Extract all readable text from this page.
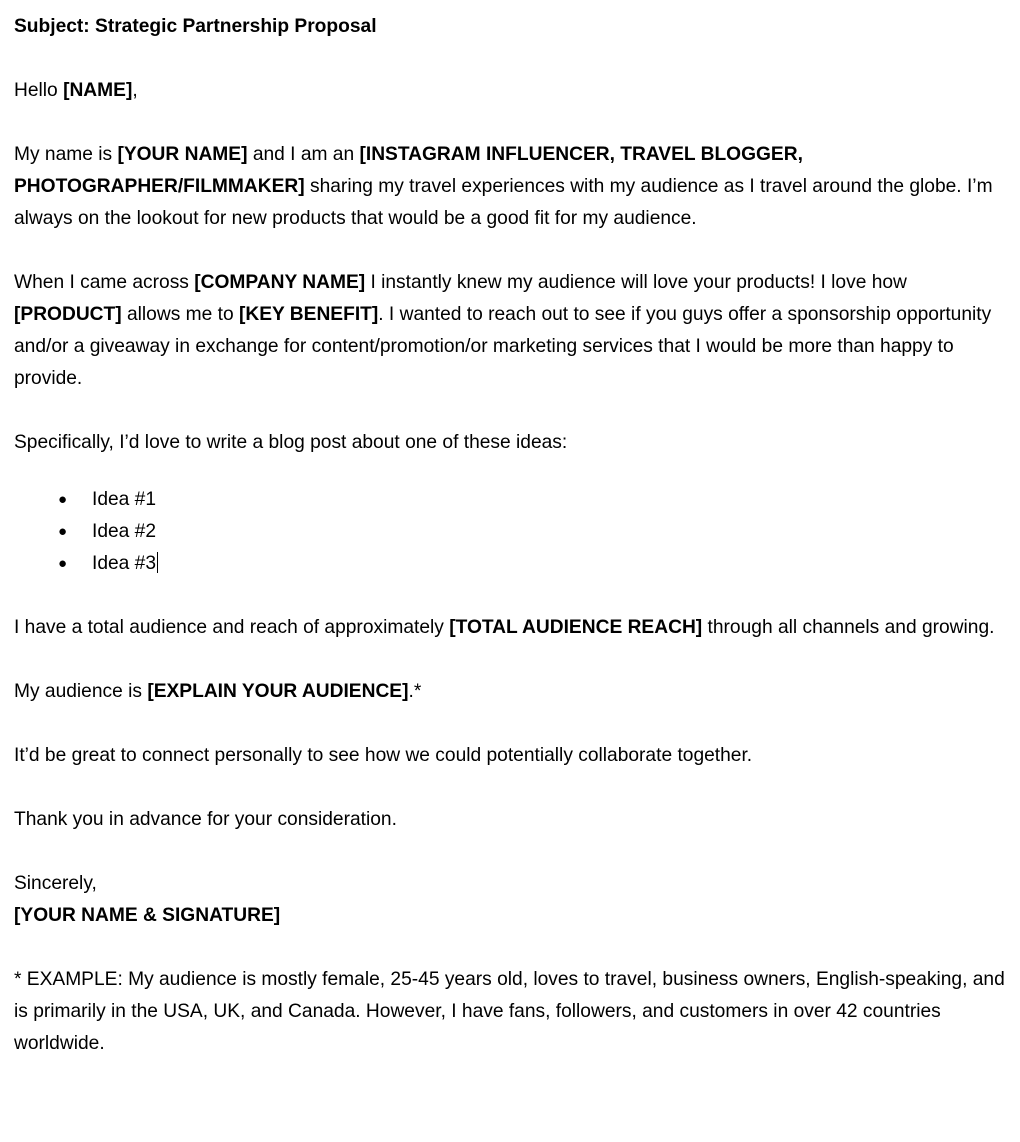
Subject: Strategic Partnership Proposal

Hello [NAME],

My name is [YOUR NAME] and I am an [INSTAGRAM INFLUENCER, TRAVEL BLOGGER, PHOTOGRAPHER/FILMMAKER] sharing my travel experiences with my audience as I travel around the globe. I’m always on the lookout for new products that would be a good fit for my audience.

When I came across [COMPANY NAME] I instantly knew my audience will love your products! I love how [PRODUCT] allows me to [KEY BENEFIT]. I wanted to reach out to see if you guys offer a sponsorship opportunity and/or a giveaway in exchange for content/promotion/or marketing services that I would be more than happy to provide.

Specifically, I’d love to write a blog post about one of these ideas:

● Idea #1
● Idea #2
● Idea #3

I have a total audience and reach of approximately [TOTAL AUDIENCE REACH] through all channels and growing.

My audience is [EXPLAIN YOUR AUDIENCE].*

It’d be great to connect personally to see how we could potentially collaborate together.

Thank you in advance for your consideration.

Sincerely,

[YOUR NAME & SIGNATURE]

* EXAMPLE: My audience is mostly female, 25-45 years old, loves to travel, business owners, English-speaking, and is primarily in the USA, UK, and Canada. However, I have fans, followers, and customers in over 42 countries worldwide.
